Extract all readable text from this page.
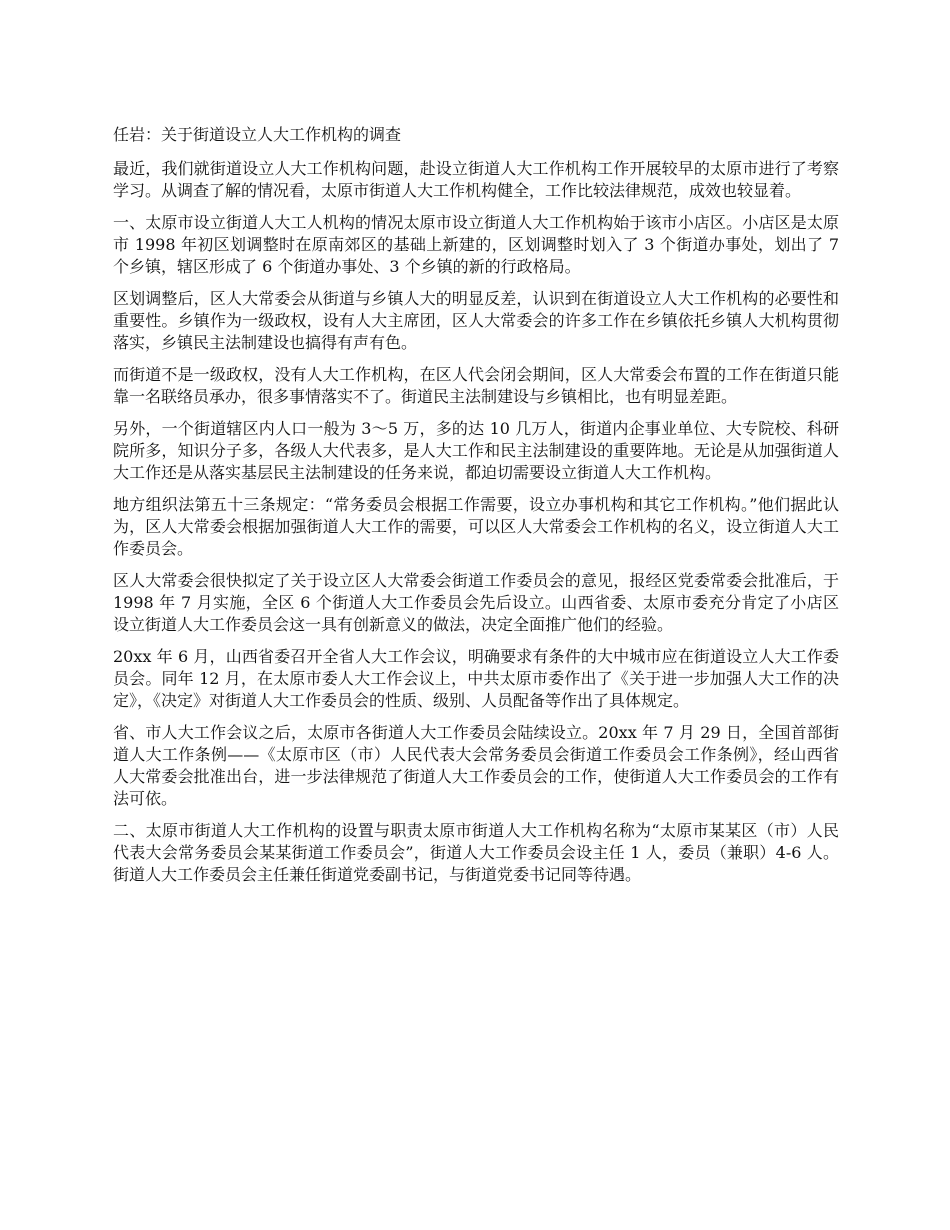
任岩：关于街道设立人大工作机构的调查

最近，我们就街道设立人大工作机构问题，赴设立街道人大工作机构工作开展较早的太原市进行了考察学习。从调查了解的情况看，太原市街道人大工作机构健全，工作比较法律规范，成效也较显着。

一、太原市设立街道人大工人机构的情况太原市设立街道人大工作机构始于该市小店区。小店区是太原市 1998 年初区划调整时在原南郊区的基础上新建的，区划调整时划入了 3 个街道办事处，划出了 7 个乡镇，辖区形成了 6 个街道办事处、3 个乡镇的新的行政格局。

区划调整后，区人大常委会从街道与乡镇人大的明显反差，认识到在街道设立人大工作机构的必要性和重要性。乡镇作为一级政权，设有人大主席团，区人大常委会的许多工作在乡镇依托乡镇人大机构贯彻落实，乡镇民主法制建设也搞得有声有色。

而街道不是一级政权，没有人大工作机构，在区人代会闭会期间，区人大常委会布置的工作在街道只能靠一名联络员承办，很多事情落实不了。街道民主法制建设与乡镇相比，也有明显差距。

另外，一个街道辖区内人口一般为 3～5 万，多的达 10 几万人，街道内企事业单位、大专院校、科研院所多，知识分子多，各级人大代表多，是人大工作和民主法制建设的重要阵地。无论是从加强街道人大工作还是从落实基层民主法制建设的任务来说，都迫切需要设立街道人大工作机构。

地方组织法第五十三条规定：“常务委员会根据工作需要，设立办事机构和其它工作机构。”他们据此认为，区人大常委会根据加强街道人大工作的需要，可以区人大常委会工作机构的名义，设立街道人大工作委员会。

区人大常委会很快拟定了关于设立区人大常委会街道工作委员会的意见，报经区党委常委会批准后，于 1998 年 7 月实施，全区 6 个街道人大工作委员会先后设立。山西省委、太原市委充分肯定了小店区设立街道人大工作委员会这一具有创新意义的做法，决定全面推广他们的经验。

20xx 年 6 月，山西省委召开全省人大工作会议，明确要求有条件的大中城市应在街道设立人大工作委员会。同年 12 月，在太原市委人大工作会议上，中共太原市委作出了《关于进一步加强人大工作的决定》，《决定》对街道人大工作委员会的性质、级别、人员配备等作出了具体规定。

省、市人大工作会议之后，太原市各街道人大工作委员会陆续设立。20xx 年 7 月 29 日，全国首部街道人大工作条例——《太原市区（市）人民代表大会常务委员会街道工作委员会工作条例》，经山西省人大常委会批准出台，进一步法律规范了街道人大工作委员会的工作，使街道人大工作委员会的工作有法可依。

二、太原市街道人大工作机构的设置与职责太原市街道人大工作机构名称为“太原市某某区（市）人民代表大会常务委员会某某街道工作委员会”，街道人大工作委员会设主任 1 人，委员（兼职）4-6 人。街道人大工作委员会主任兼任街道党委副书记，与街道党委书记同等待遇。
